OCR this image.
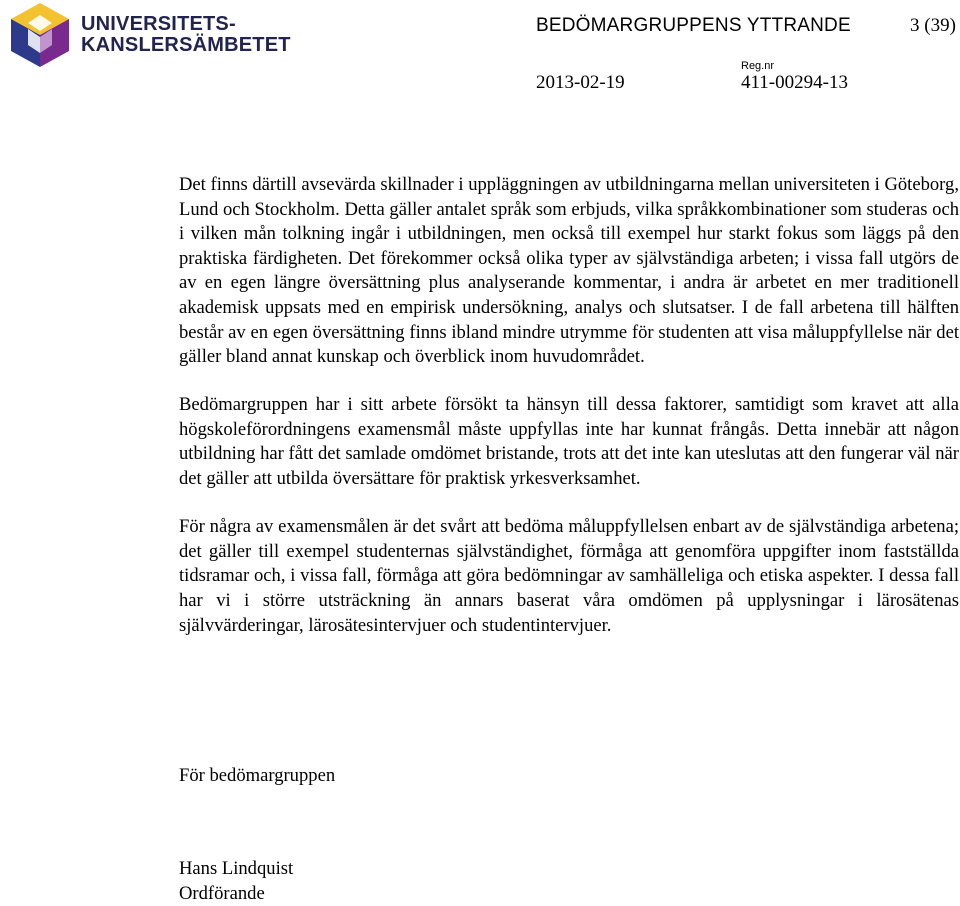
UNIVERSITETS-
KANSLERSÄMBETET
BEDÖMARGRUPPENS YTTRANDE	3 (39)
Reg.nr
2013-02-19	411-00294-13

Det finns därtill avsevärda skillnader i uppläggningen av utbildningarna mellan universiteten i Göteborg, Lund och Stockholm. Detta gäller antalet språk som erbjuds, vilka språkkombinationer som studeras och i vilken mån tolkning ingår i utbildningen, men också till exempel hur starkt fokus som läggs på den praktiska färdigheten. Det förekommer också olika typer av självständiga arbeten; i vissa fall utgörs de av en egen längre översättning plus analyserande kommentar, i andra är arbetet en mer traditionell akademisk uppsats med en empirisk undersökning, analys och slutsatser. I de fall arbetena till hälften består av en egen översättning finns ibland mindre utrymme för studenten att visa måluppfyllelse när det gäller bland annat kunskap och överblick inom huvudområdet.

Bedömargruppen har i sitt arbete försökt ta hänsyn till dessa faktorer, samtidigt som kravet att alla högskoleförordningens examensmål måste uppfyllas inte har kunnat frångås. Detta innebär att någon utbildning har fått det samlade omdömet bristande, trots att det inte kan uteslutas att den fungerar väl när det gäller att utbilda översättare för praktisk yrkesverksamhet.

För några av examensmålen är det svårt att bedöma måluppfyllelsen enbart av de självständiga arbetena; det gäller till exempel studenternas självständighet, förmåga att genomföra uppgifter inom fastställda tidsramar och, i vissa fall, förmåga att göra bedömningar av samhälleliga och etiska aspekter. I dessa fall har vi i större utsträckning än annars baserat våra omdömen på upplysningar i lärosätenas självvärderingar, lärosätesintervjuer och studentintervjuer.

För bedömargruppen
Hans Lindquist
Ordförande
